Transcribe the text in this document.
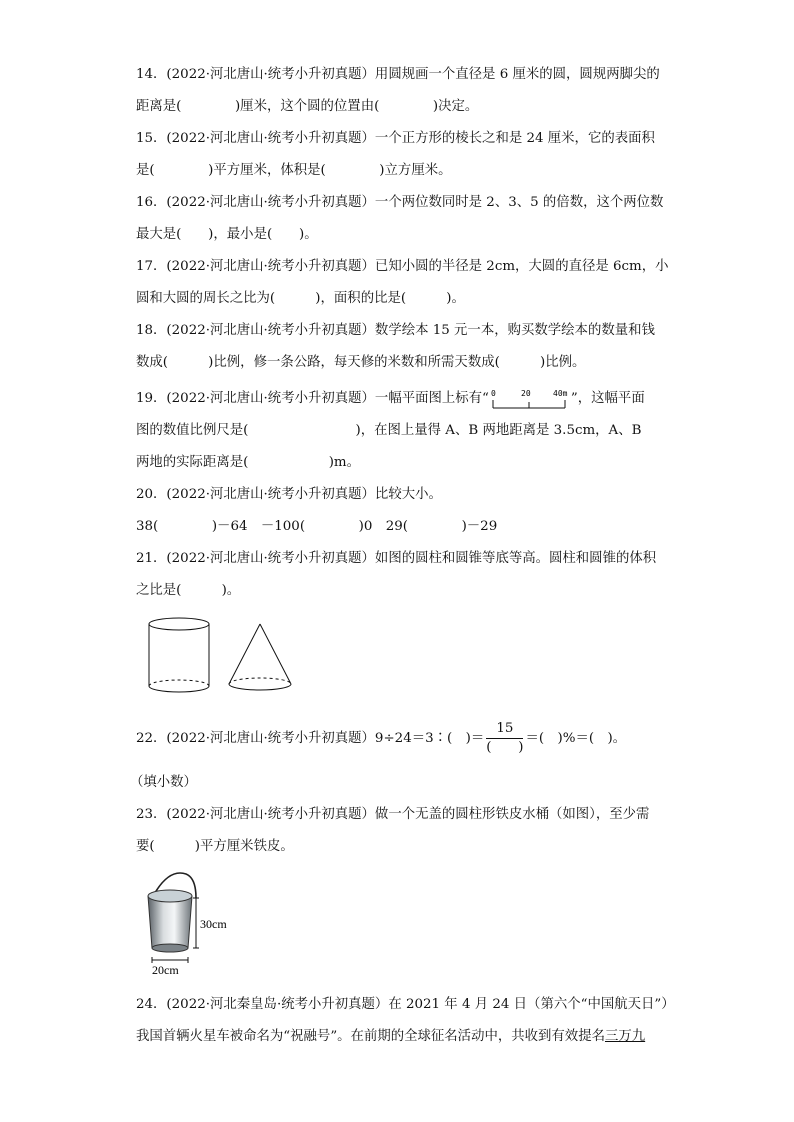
14．(2022·河北唐山·统考小升初真题）用圆规画一个直径是 6 厘米的圆，圆规两脚尖的
距离是(　　　　)厘米，这个圆的位置由(　　　　)决定。
15．(2022·河北唐山·统考小升初真题）一个正方形的棱长之和是 24 厘米，它的表面积
是(　　　　)平方厘米，体积是(　　　　)立方厘米。
16．(2022·河北唐山·统考小升初真题）一个两位数同时是 2、3、5 的倍数，这个两位数
最大是(　　)，最小是(　　)。
17．(2022·河北唐山·统考小升初真题）已知小圆的半径是 2cm，大圆的直径是 6cm，小
圆和大圆的周长之比为(　　　)，面积的比是(　　　)。
18．(2022·河北唐山·统考小升初真题）数学绘本 15 元一本，购买数学绘本的数量和钱
数成(　　　)比例，修一条公路，每天修的米数和所需天数成(　　　)比例。
19．(2022·河北唐山·统考小升初真题）一幅平面图上标有“ 0	20	40m ”，这幅平面
图的数值比例尺是(　　　　　　　　)，在图上量得 A、B 两地距离是 3.5cm，A、B
两地的实际距离是(　　　　　　)m。
20．(2022·河北唐山·统考小升初真题）比较大小。
38(　　　　)－64　－100(　　　　)0　29(　　　　)－29
21．(2022·河北唐山·统考小升初真题）如图的圆柱和圆锥等底等高。圆柱和圆锥的体积
之比是(　　　)。
22．(2022·河北唐山·统考小升初真题）9÷24＝3∶(　)＝ $\frac{15}{( )}$ ＝(　)%＝(　)。
（填小数）
23．(2022·河北唐山·统考小升初真题）做一个无盖的圆柱形铁皮水桶（如图），至少需
要(　　　)平方厘米铁皮。
30cm
20cm
24．(2022·河北秦皇岛·统考小升初真题）在 2021 年 4 月 24 日（第六个“中国航天日”）
我国首辆火星车被命名为“祝融号”。在前期的全球征名活动中，共收到有效提名三万九
